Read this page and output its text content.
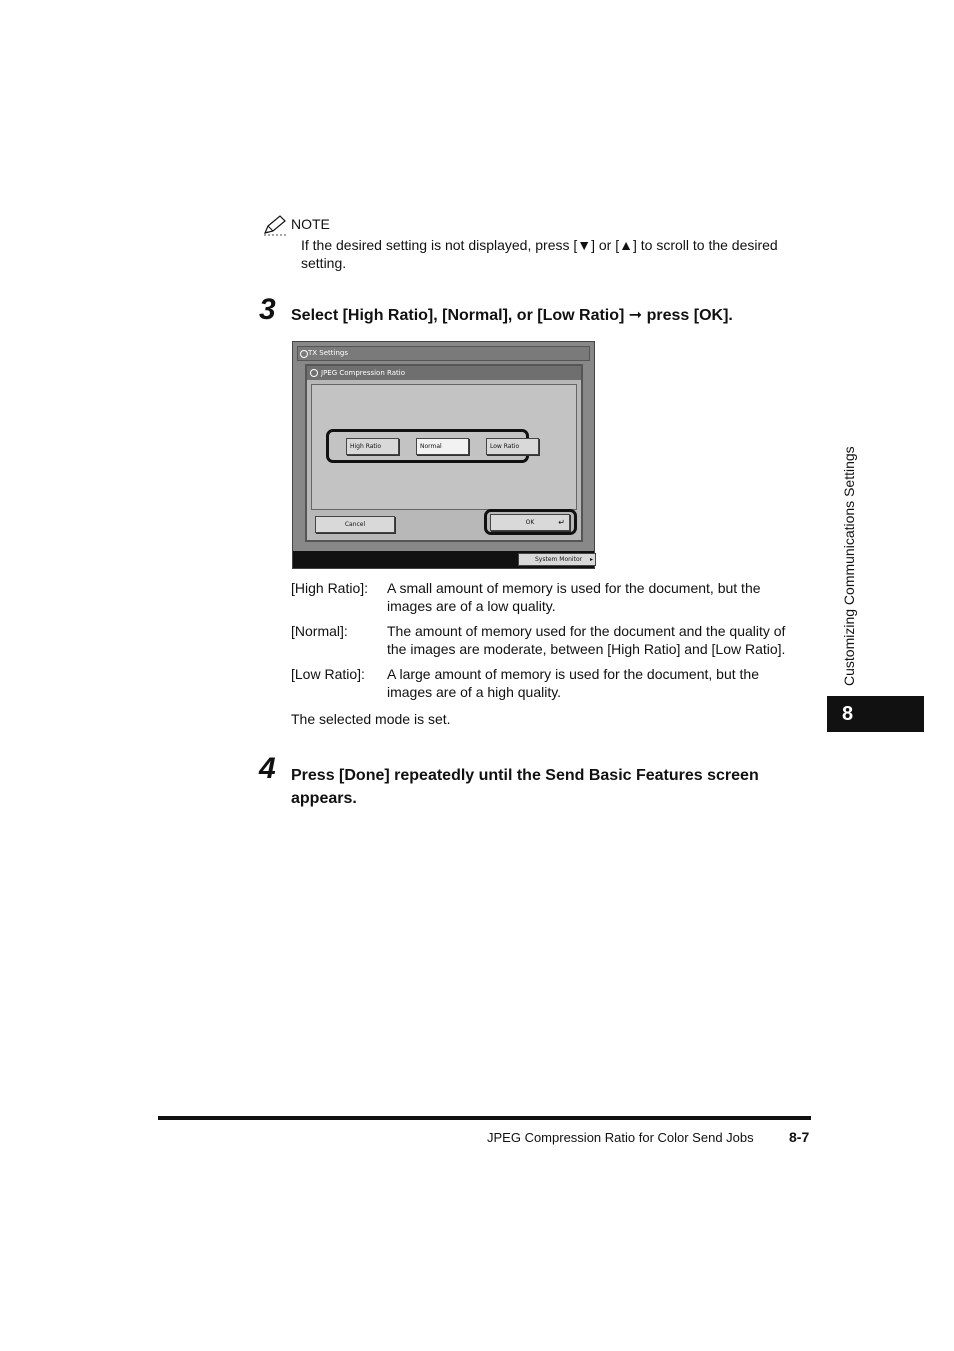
NOTE
If the desired setting is not displayed, press [▼] or [▲] to scroll to the desired setting.
3 Select [High Ratio], [Normal], or [Low Ratio] ➞ press [OK].
TX Settings
JPEG Compression Ratio
Cancel
High Ratio	Normal	Low Ratio
OK	↵
System Monitor ▸
[High Ratio]:	A small amount of memory is used for the document, but the images are of a low quality.
[Normal]:	The amount of memory used for the document and the quality of the images are moderate, between [High Ratio] and [Low Ratio].
[Low Ratio]:	A large amount of memory is used for the document, but the images are of a high quality.
The selected mode is set.
4 Press [Done] repeatedly until the Send Basic Features screen appears.
Customizing Communications Settings
8
JPEG Compression Ratio for Color Send Jobs	8-7
